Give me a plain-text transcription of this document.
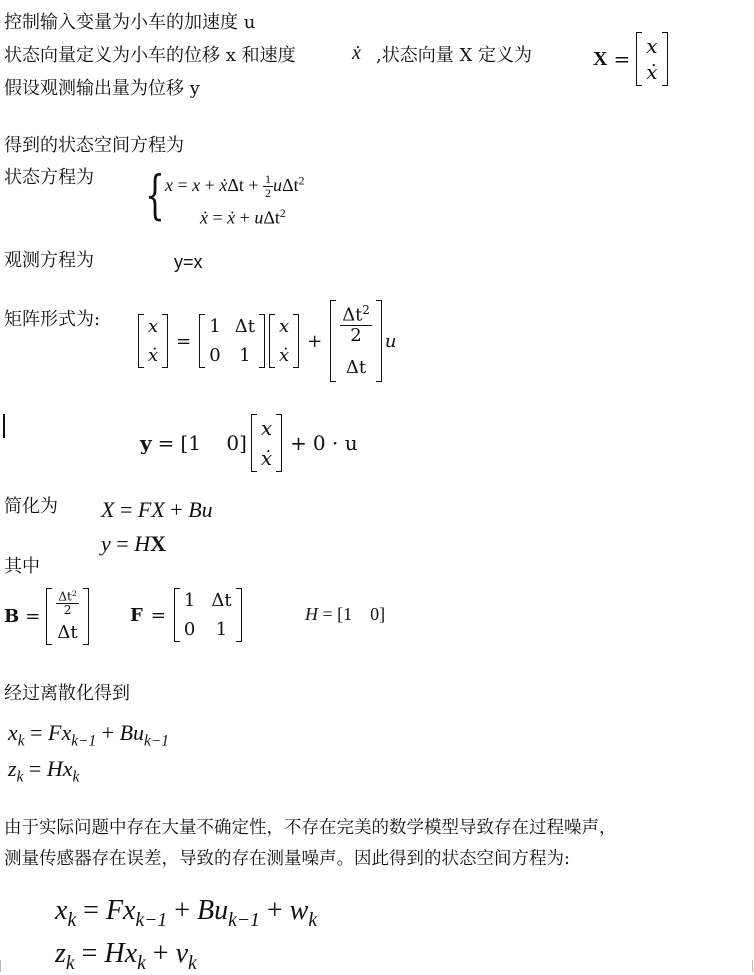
控制输入变量为小车的加速度 u
状态向量定义为小车的位移 x 和速度	ẋ ,状态向量 X 定义为	X =
x
ẋ
假设观测输出量为位移 y
得到的状态空间方程为
状态方程为 { x = x + ẋΔt + $\frac{1}{2} u\Delta t^2$
ẋ = ẋ + uΔt$^2$
观测方程为	y=x
矩阵形式为:	x
ẋ
=
1 Δt
0 1
x
ẋ
+ $\frac{\Delta t^2}{2}$
Δt
u
y = [1    0]
x
ẋ
+ 0 · u
简化为 X = FX + Bu
y = HX
其中
$B = \frac{\Delta t^2}{2}$
Δt
F =
1 Δt
0 1
H = [1    0]
经过离散化得到
$x_k = Fx_{k-1} + Bu_{k-1}$
$z_k = Hx_k$
由于实际问题中存在大量不确定性，不存在完美的数学模型导致存在过程噪声，
测量传感器存在误差，导致的存在测量噪声。因此得到的状态空间方程为:
$x_k = Fx_{k-1} + Bu_{k-1} + w_k$
$z_k = Hx_k + v_k$
